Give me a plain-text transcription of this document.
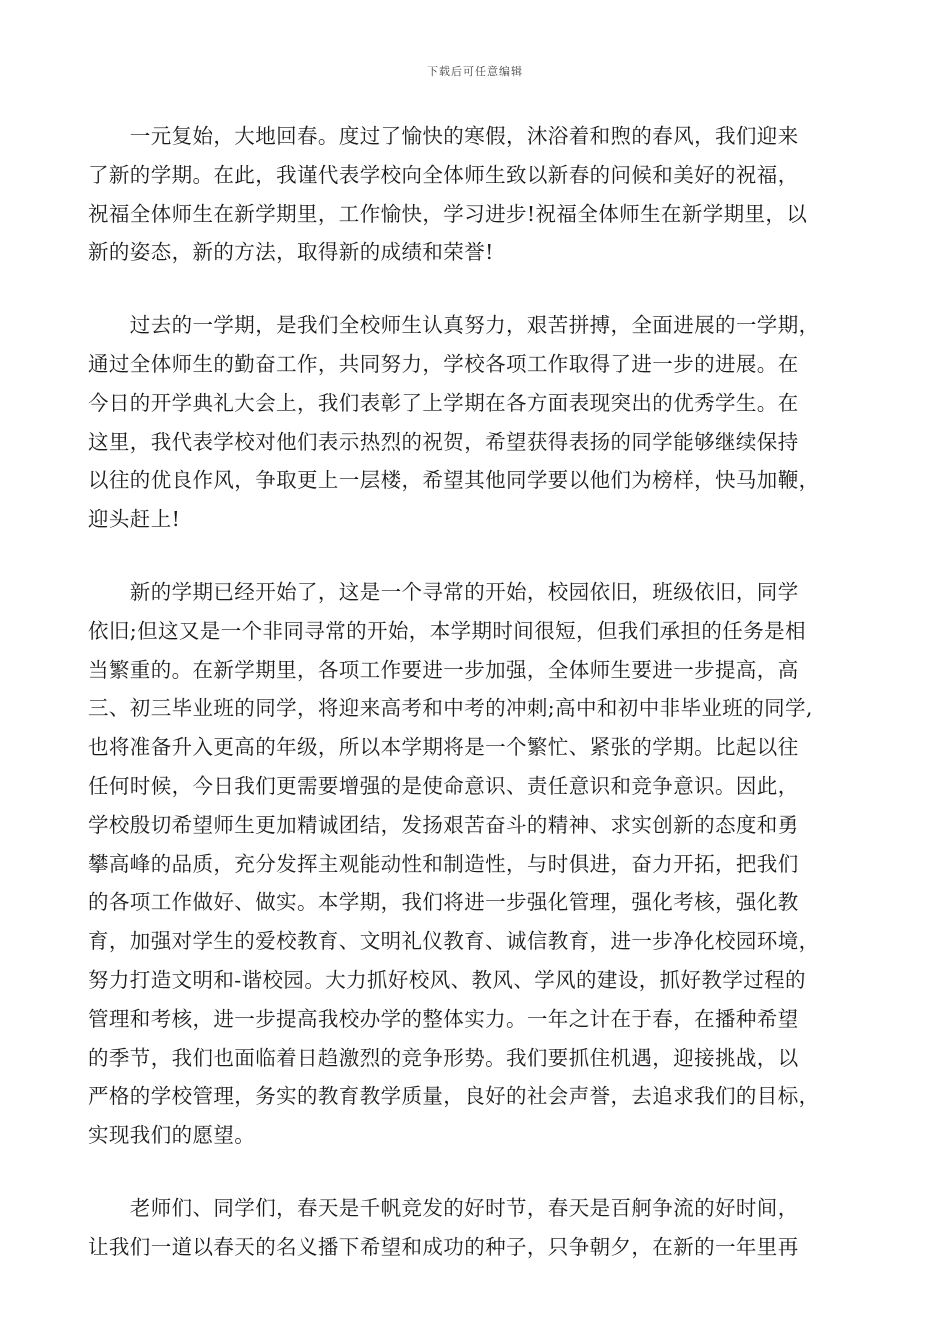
下载后可任意编辑

　　一元复始，大地回春。度过了愉快的寒假，沐浴着和煦的春风，我们迎来
了新的学期。在此，我谨代表学校向全体师生致以新春的问候和美好的祝福，
祝福全体师生在新学期里，工作愉快，学习进步!祝福全体师生在新学期里，以
新的姿态，新的方法，取得新的成绩和荣誉!

　　过去的一学期，是我们全校师生认真努力，艰苦拼搏，全面进展的一学期，
通过全体师生的勤奋工作，共同努力，学校各项工作取得了进一步的进展。在
今日的开学典礼大会上，我们表彰了上学期在各方面表现突出的优秀学生。在
这里，我代表学校对他们表示热烈的祝贺，希望获得表扬的同学能够继续保持
以往的优良作风，争取更上一层楼，希望其他同学要以他们为榜样，快马加鞭，
迎头赶上!

　　新的学期已经开始了，这是一个寻常的开始，校园依旧，班级依旧，同学
依旧;但这又是一个非同寻常的开始，本学期时间很短，但我们承担的任务是相
当繁重的。在新学期里，各项工作要进一步加强，全体师生要进一步提高，高
三、初三毕业班的同学，将迎来高考和中考的冲刺;高中和初中非毕业班的同学,
也将准备升入更高的年级，所以本学期将是一个繁忙、紧张的学期。比起以往
任何时候，今日我们更需要增强的是使命意识、责任意识和竞争意识。因此，
学校殷切希望师生更加精诚团结，发扬艰苦奋斗的精神、求实创新的态度和勇
攀高峰的品质，充分发挥主观能动性和制造性，与时俱进，奋力开拓，把我们
的各项工作做好、做实。本学期，我们将进一步强化管理，强化考核，强化教
育，加强对学生的爱校教育、文明礼仪教育、诚信教育，进一步净化校园环境，
努力打造文明和-谐校园。大力抓好校风、教风、学风的建设，抓好教学过程的
管理和考核，进一步提高我校办学的整体实力。一年之计在于春，在播种希望
的季节，我们也面临着日趋激烈的竞争形势。我们要抓住机遇，迎接挑战，以
严格的学校管理，务实的教育教学质量，良好的社会声誉，去追求我们的目标，
实现我们的愿望。

　　老师们、同学们，春天是千帆竞发的好时节，春天是百舸争流的好时间，
让我们一道以春天的名义播下希望和成功的种子，只争朝夕，在新的一年里再
